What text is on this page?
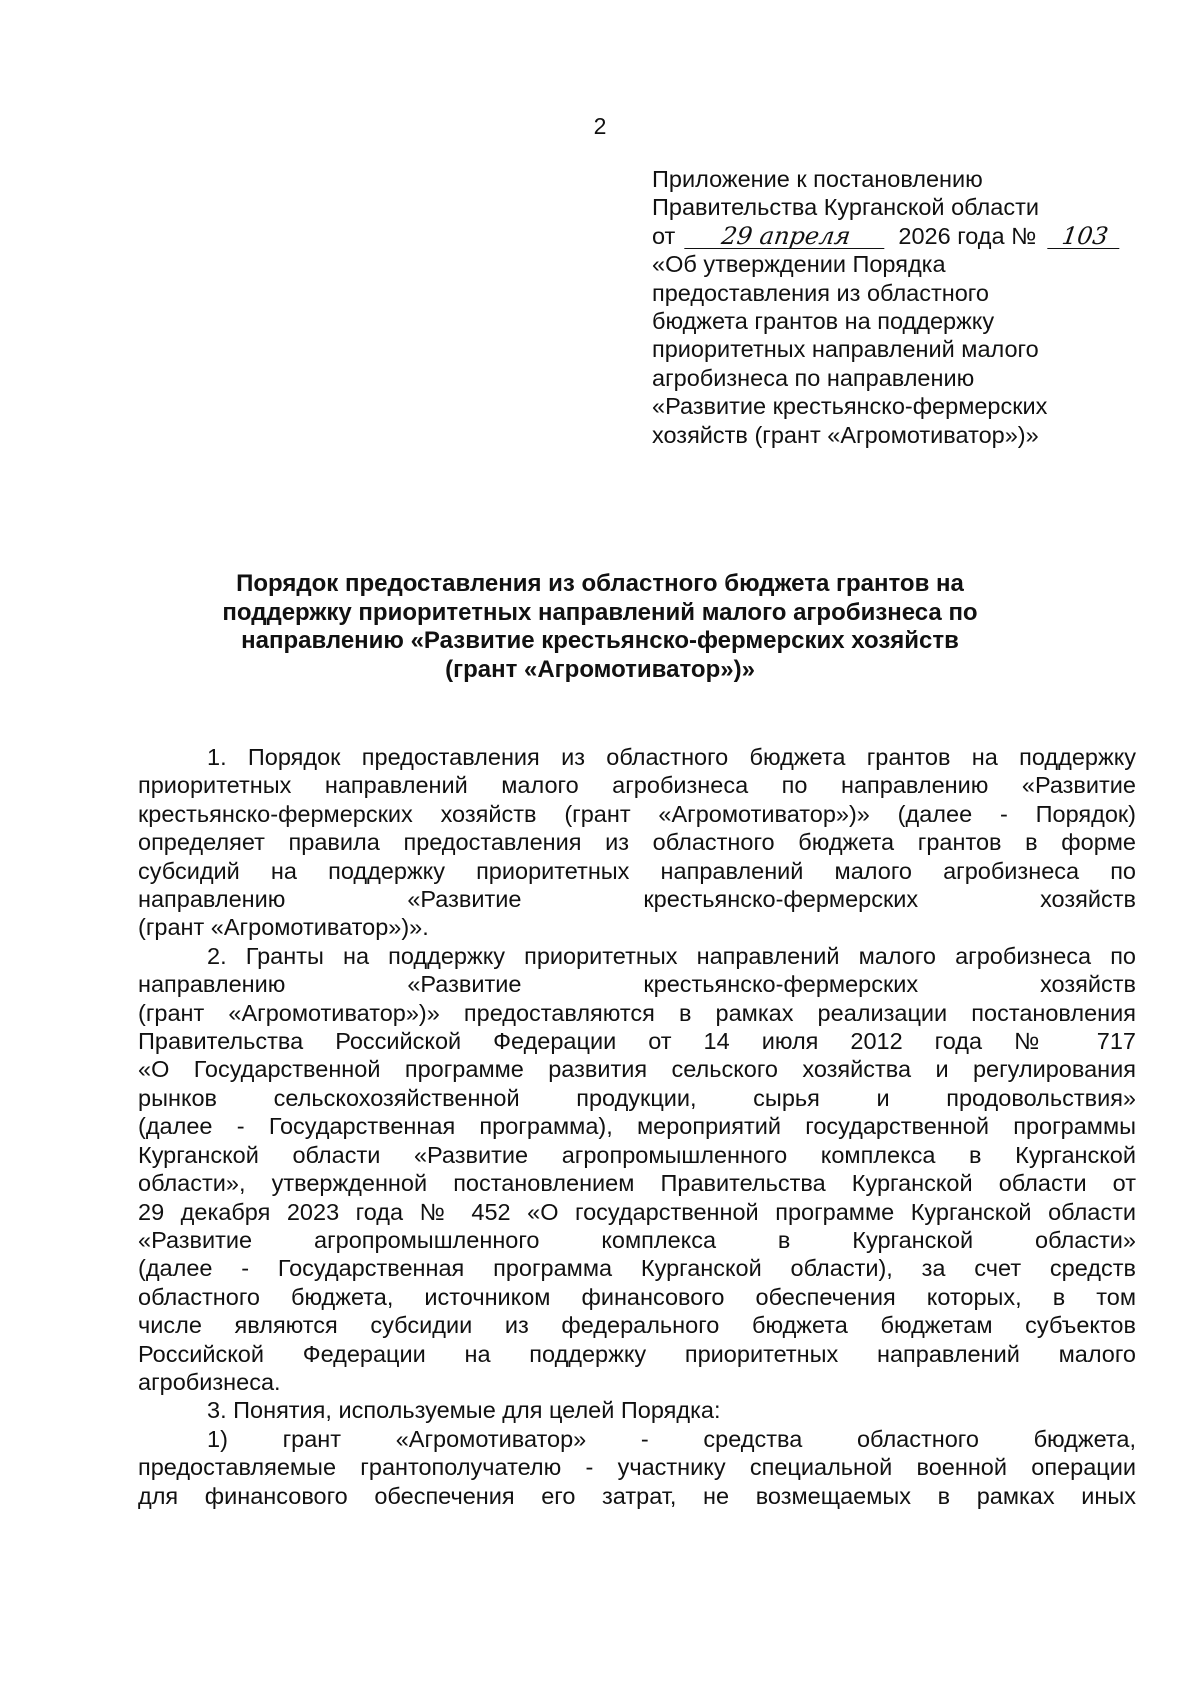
2
Приложение к постановлению
Правительства Курганской области
от 29 апреля 2026 года № 103
«Об утверждении Порядка
предоставления из областного
бюджета грантов на поддержку
приоритетных направлений малого
агробизнеса по направлению
«Развитие крестьянско-фермерских
хозяйств (грант «Агромотиватор»)»
Порядок предоставления из областного бюджета грантов на
поддержку приоритетных направлений малого агробизнеса по
направлению «Развитие крестьянско-фермерских хозяйств
(грант «Агромотиватор»)»
1. Порядок предоставления из областного бюджета грантов на поддержку
приоритетных направлений малого агробизнеса по направлению «Развитие
крестьянско-фермерских хозяйств (грант «Агромотиватор»)» (далее - Порядок)
определяет правила предоставления из областного бюджета грантов в форме
субсидий на поддержку приоритетных направлений малого агробизнеса по
направлению «Развитие крестьянско-фермерских хозяйств
(грант «Агромотиватор»)».
2. Гранты на поддержку приоритетных направлений малого агробизнеса по
направлению «Развитие крестьянско-фермерских хозяйств
(грант «Агромотиватор»)» предоставляются в рамках реализации постановления
Правительства Российской Федерации от 14 июля 2012 года № 717
«О Государственной программе развития сельского хозяйства и регулирования
рынков сельскохозяйственной продукции, сырья и продовольствия»
(далее - Государственная программа), мероприятий государственной программы
Курганской области «Развитие агропромышленного комплекса в Курганской
области», утвержденной постановлением Правительства Курганской области от
29 декабря 2023 года № 452 «О государственной программе Курганской области
«Развитие агропромышленного комплекса в Курганской области»
(далее - Государственная программа Курганской области), за счет средств
областного бюджета, источником финансового обеспечения которых, в том
числе являются субсидии из федерального бюджета бюджетам субъектов
Российской Федерации на поддержку приоритетных направлений малого
агробизнеса.
3. Понятия, используемые для целей Порядка:
1) грант «Агромотиватор» - средства областного бюджета,
предоставляемые грантополучателю - участнику специальной военной операции
для финансового обеспечения его затрат, не возмещаемых в рамках иных
